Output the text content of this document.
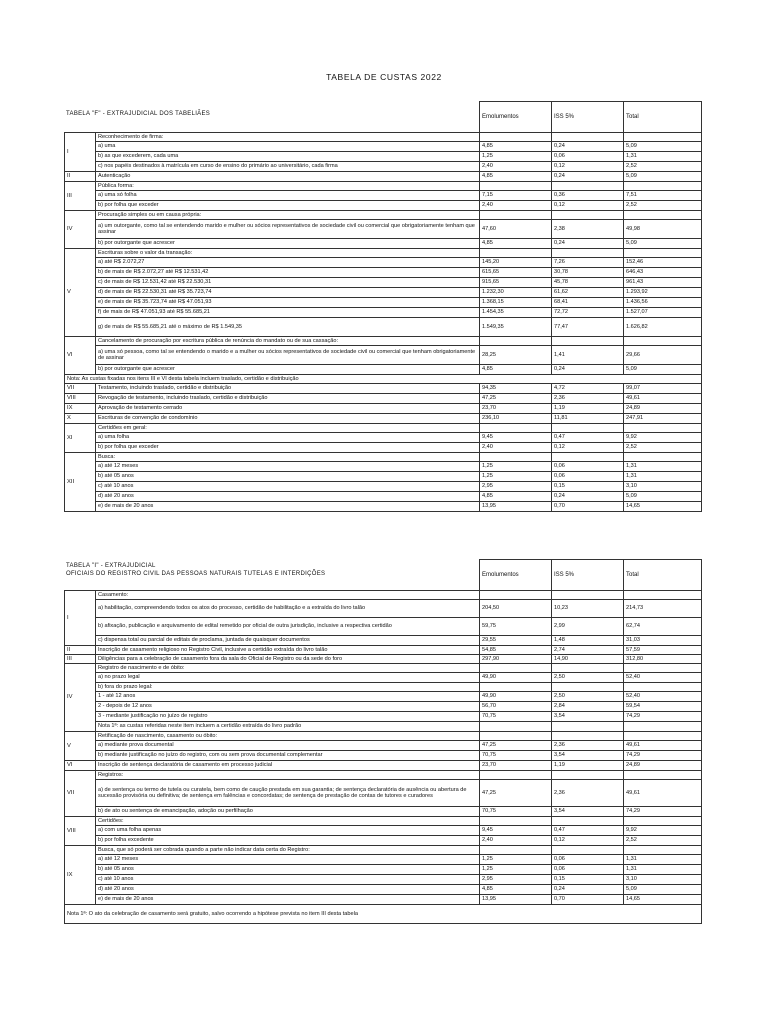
TABELA DE CUSTAS 2022
TABELA "F" - EXTRAJUDICIAL DOS TABELIÃES
		Emolumentos	ISS 5%	Total
I	Reconhecimento de firma:			
	a) uma	4,85	0,24	5,09
	b) as que excederem, cada uma	1,25	0,06	1,31
	c) nos papéis destinados à matrícula em curso de ensino do primário ao universitário, cada firma	2,40	0,12	2,52
II	Autenticação	4,85	0,24	5,09
III	Pública forma:			
	a) uma só folha	7,15	0,36	7,51
	b) por folha que exceder	2,40	0,12	2,52
IV	Procuração simples ou em causa própria:			
	a) um outorgante, como tal se entendendo marido e mulher ou sócios representativos de sociedade civil ou comercial que obrigatoriamente tenham que assinar	47,60	2,38	49,98
	b) por outorgante que acrescer	4,85	0,24	5,09
V	Escrituras sobre o valor da transação:			
	a) até R$ 2.072,27	145,20	7,26	152,46
	b) de mais de R$ 2.072,27 até R$ 12.531,42	615,65	30,78	646,43
	c) de mais de R$ 12.531,42 até R$ 22.530,31	915,65	45,78	961,43
	d) de mais de R$ 22.530,31 até R$ 35.723,74	1.232,30	61,62	1.293,92
	e) de mais de R$ 35.723,74 até R$ 47.051,93	1.368,15	68,41	1.436,56
	f) de mais de R$ 47.051,93 até R$ 55.685,21	1.454,35	72,72	1.527,07
	g) de mais de R$ 55.685,21 até o máximo de R$ 1.549,35	1.549,35	77,47	1.626,82
VI	Cancelamento de procuração por escritura pública de renúncia do mandato ou de sua cassação:			
	a) uma só pessoa, como tal se entendendo o marido e a mulher ou sócios representativos de sociedade civil ou comercial que tenham obrigatoriamente de assinar	28,25	1,41	29,66
	b) por outorgante que acrescer	4,85	0,24	5,09
Nota: As custas fixadas nos itens III e VI desta tabela incluem traslado, certidão e distribuição				
VII	Testamento, incluindo traslado, certidão e distribuição	94,35	4,72	99,07
VIII	Revogação de testamento, incluindo traslado, certidão e distribuição	47,25	2,36	49,61
IX	Aprovação de testamento cerrado	23,70	1,19	24,89
X	Escrituras de convenção de condomínio	236,10	11,81	247,91
XI	Certidões em geral:			
	a) uma folha	9,45	0,47	9,92
	b) por folha que exceder	2,40	0,12	2,52
XII	Busca:			
	a) até 12 meses	1,25	0,06	1,31
	b) até 05 anos	1,25	0,06	1,31
	c) até 10 anos	2,95	0,15	3,10
	d) até 20 anos	4,85	0,24	5,09
	e) de mais de 20 anos	13,95	0,70	14,65
TABELA "I" - EXTRAJUDICIAL
OFICIAIS DO REGISTRO CIVIL DAS PESSOAS NATURAIS TUTELAS E INTERDIÇÕES
		Emolumentos	ISS 5%	Total
I	Casamento:			
	a) habilitação, compreendendo todos os atos do processo, certidão de habilitação e a extraída do livro talão	204,50	10,23	214,73
	b) afixação, publicação e arquivamento de edital remetido por oficial de outra jurisdição, inclusive a respectiva certidão	59,75	2,99	62,74
	c) dispensa total ou parcial de editais de proclama, juntada de quaisquer documentos	29,55	1,48	31,03
II	Inscrição de casamento religioso no Registro Civil, inclusive a certidão extraída do livro talão	54,85	2,74	57,59
III	Diligências para a celebração de casamento fora da sala do Oficial de Registro ou da sede do foro	297,90	14,90	312,80
IV	Registro de nascimento e de óbito:			
	a) no prazo legal	49,90	2,50	52,40
	b) fora do prazo legal:			
	1 - até 12 anos	49,90	2,50	52,40
	2 - depois de 12 anos	56,70	2,84	59,54
	3 - mediante justificação no juízo de registro	70,75	3,54	74,29
	Nota 1ª: as custas referidas neste item incluem a certidão extraída do livro padrão			
V	Retificação de nascimento, casamento ou óbito:			
	a) mediante prova documental	47,25	2,36	49,61
	b) mediante justificação no juízo do registro, com ou sem prova documental complementar	70,75	3,54	74,29
VI	Inscrição de sentença declaratória de casamento em processo judicial	23,70	1,19	24,89
VII	Registros:			
	a) de sentença ou termo de tutela ou curatela, bem como de caução prestada em sua garantia; de sentença declaratória de ausência ou abertura de sucessão provisória ou definitiva; de sentença em falências e concordatas; de sentença de prestação de contas de tutores e curadores	47,25	2,36	49,61
	b) de ato ou sentença de emancipação, adoção ou perfilhação	70,75	3,54	74,29
VIII	Certidões:			
	a) com uma folha apenas	9,45	0,47	9,92
	b) por folha excedente	2,40	0,12	2,52
IX	Busca, que só poderá ser cobrada quando a parte não indicar data certa do Registro:			
	a) até 12 meses	1,25	0,06	1,31
	b) até 05 anos	1,25	0,06	1,31
	c) até 10 anos	2,95	0,15	3,10
	d) até 20 anos	4,85	0,24	5,09
	e) de mais de 20 anos	13,95	0,70	14,65
Nota 1ª: O ato da celebração de casamento será gratuito, salvo ocorrendo a hipótese prevista no item III desta tabela				
